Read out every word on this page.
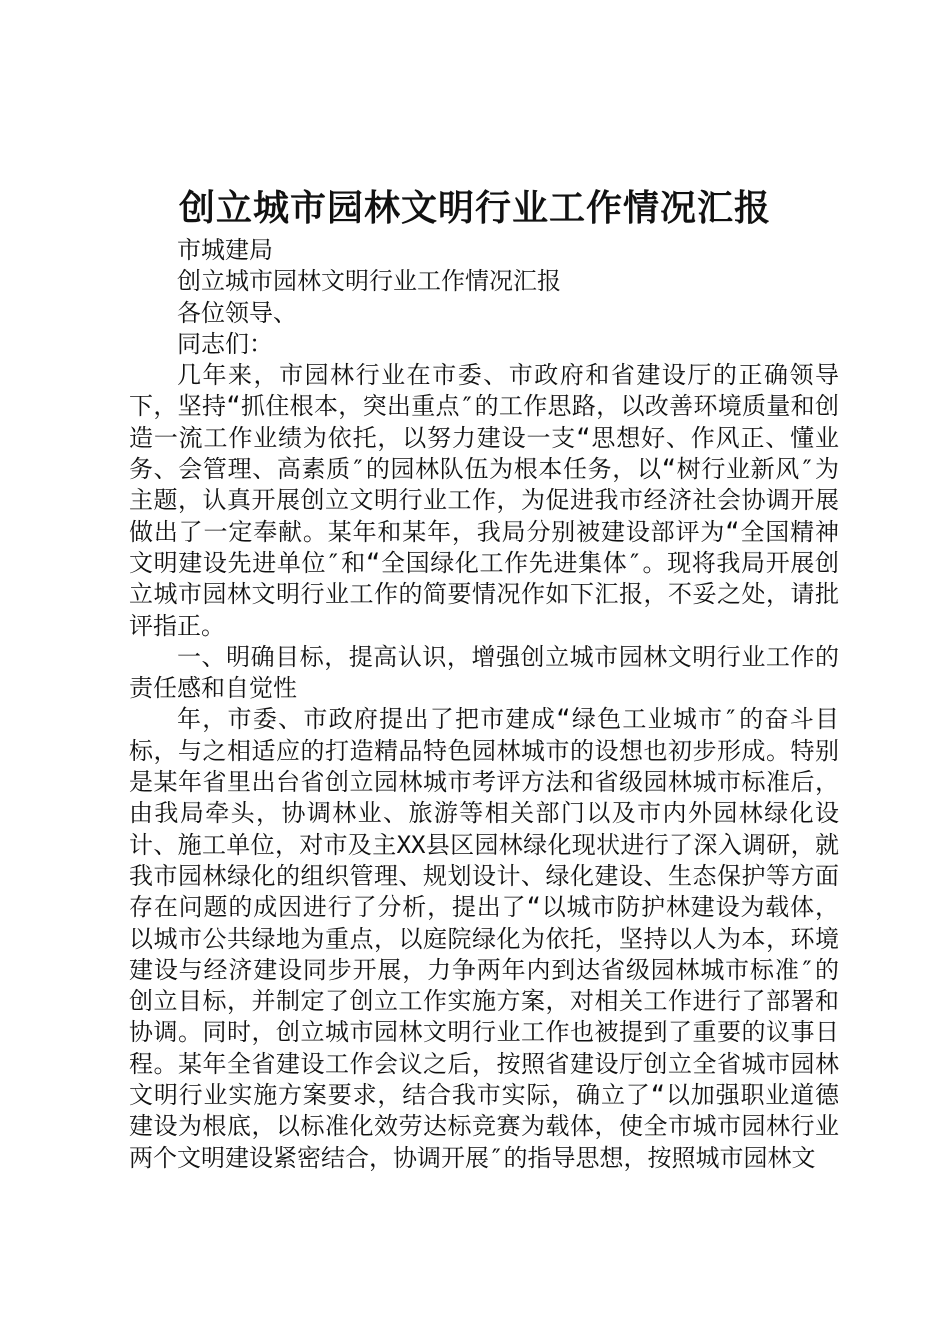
创立城市园林文明行业工作情况汇报

市城建局

创立城市园林文明行业工作情况汇报

各位领导、

同志们：

几年来，市园林行业在市委、市政府和省建设厅的正确领导下，坚持“抓住根本，突出重点″的工作思路，以改善环境质量和创造一流工作业绩为依托，以努力建设一支“思想好、作风正、懂业务、会管理、高素质″的园林队伍为根本任务，以“树行业新风″为主题，认真开展创立文明行业工作，为促进我市经济社会协调开展做出了一定奉献。某年和某年，我局分别被建设部评为“全国精神文明建设先进单位″和“全国绿化工作先进集体″。现将我局开展创立城市园林文明行业工作的简要情况作如下汇报，不妥之处，请批评指正。

一、明确目标，提高认识，增强创立城市园林文明行业工作的责任感和自觉性

年，市委、市政府提出了把市建成“绿色工业城市″的奋斗目标，与之相适应的打造精品特色园林城市的设想也初步形成。特别是某年省里出台省创立园林城市考评方法和省级园林城市标准后，由我局牵头，协调林业、旅游等相关部门以及市内外园林绿化设计、施工单位，对市及主XX县区园林绿化现状进行了深入调研，就我市园林绿化的组织管理、规划设计、绿化建设、生态保护等方面存在问题的成因进行了分析，提出了“以城市防护林建设为载体，以城市公共绿地为重点，以庭院绿化为依托，坚持以人为本，环境建设与经济建设同步开展，力争两年内到达省级园林城市标准″的创立目标，并制定了创立工作实施方案，对相关工作进行了部署和协调。同时，创立城市园林文明行业工作也被提到了重要的议事日程。某年全省建设工作会议之后，按照省建设厅创立全省城市园林文明行业实施方案要求，结合我市实际，确立了“以加强职业道德建设为根底，以标准化效劳达标竞赛为载体，使全市城市园林行业两个文明建设紧密结合，协调开展″的指导思想，按照城市园林文
